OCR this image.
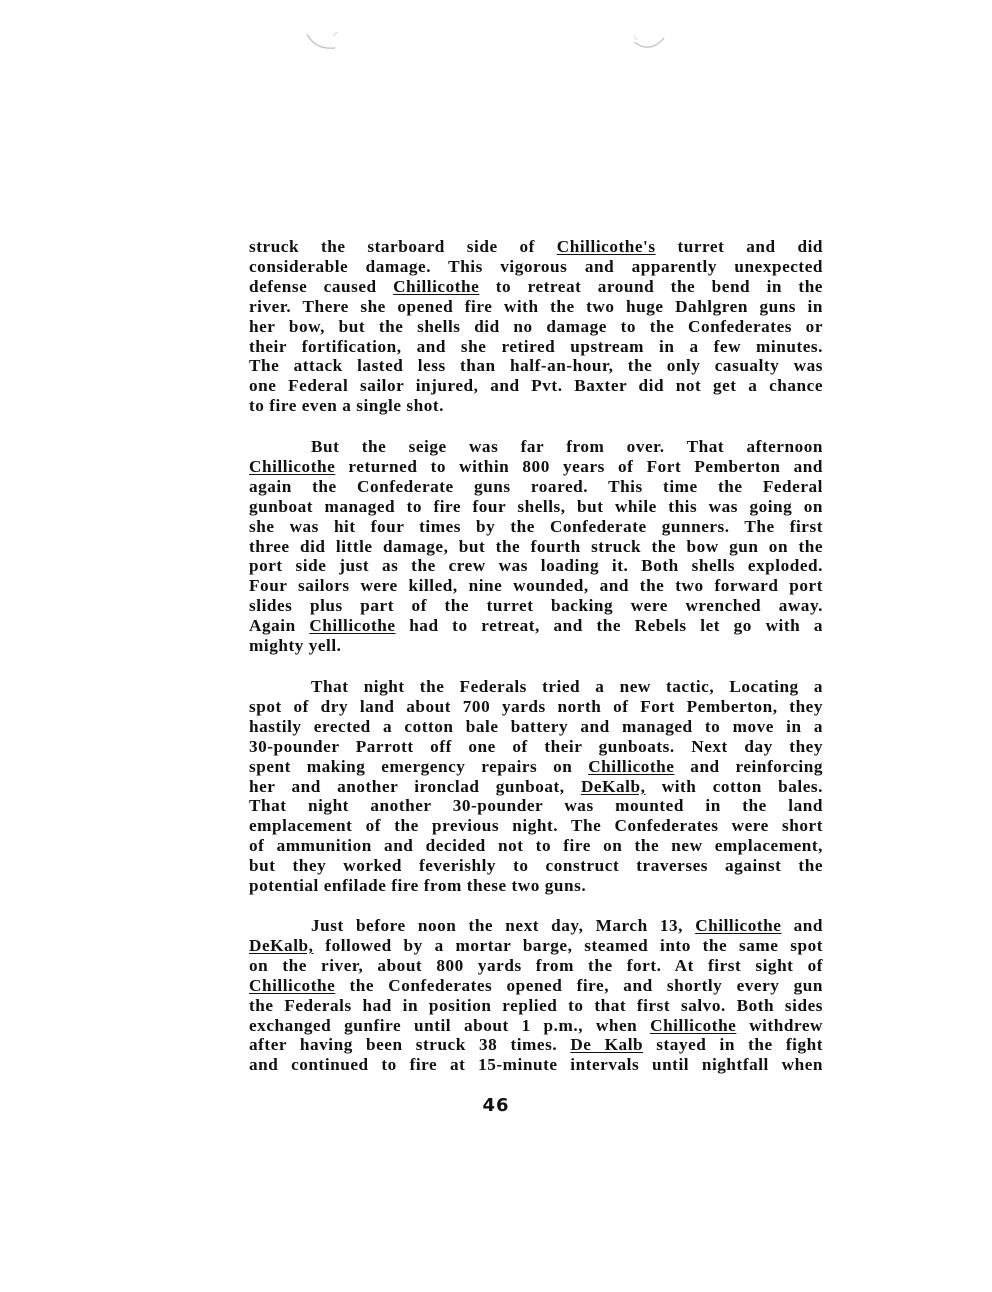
struck the starboard side of Chillicothe's turret and did
considerable damage. This vigorous and apparently unexpected
defense caused Chillicothe to retreat around the bend in the
river. There she opened fire with the two huge Dahlgren guns in
her bow, but the shells did no damage to the Confederates or
their fortification, and she retired upstream in a few minutes.
The attack lasted less than half-an-hour, the only casualty was
one Federal sailor injured, and Pvt. Baxter did not get a chance
to fire even a single shot.
But the seige was far from over. That afternoon
Chillicothe returned to within 800 years of Fort Pemberton and
again the Confederate guns roared. This time the Federal
gunboat managed to fire four shells, but while this was going on
she was hit four times by the Confederate gunners. The first
three did little damage, but the fourth struck the bow gun on the
port side just as the crew was loading it. Both shells exploded.
Four sailors were killed, nine wounded, and the two forward port
slides plus part of the turret backing were wrenched away.
Again Chillicothe had to retreat, and the Rebels let go with a
mighty yell.
That night the Federals tried a new tactic, Locating a
spot of dry land about 700 yards north of Fort Pemberton, they
hastily erected a cotton bale battery and managed to move in a
30-pounder Parrott off one of their gunboats. Next day they
spent making emergency repairs on Chillicothe and reinforcing
her and another ironclad gunboat, DeKalb, with cotton bales.
That night another 30-pounder was mounted in the land
emplacement of the previous night. The Confederates were short
of ammunition and decided not to fire on the new emplacement,
but they worked feverishly to construct traverses against the
potential enfilade fire from these two guns.
Just before noon the next day, March 13, Chillicothe and
DeKalb, followed by a mortar barge, steamed into the same spot
on the river, about 800 yards from the fort. At first sight of
Chillicothe the Confederates opened fire, and shortly every gun
the Federals had in position replied to that first salvo. Both sides
exchanged gunfire until about 1 p.m., when Chillicothe withdrew
after having been struck 38 times. De Kalb stayed in the fight
and continued to fire at 15-minute intervals until nightfall when
46
